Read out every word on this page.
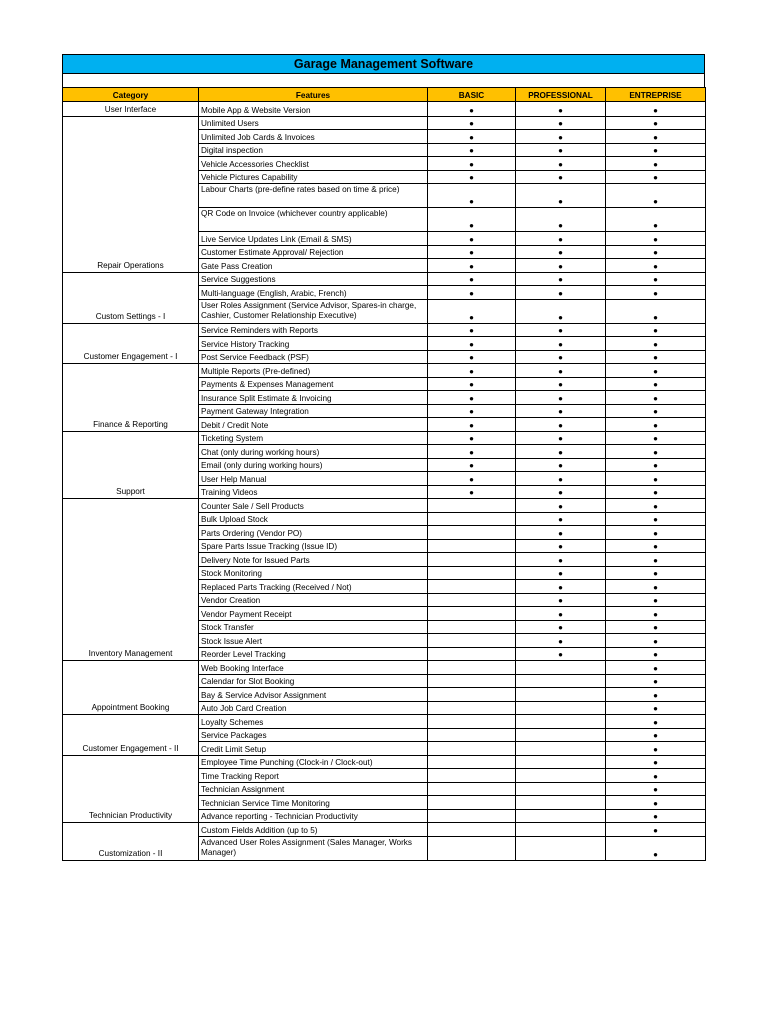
Garage Management Software
Category	Features	BASIC	PROFESSIONAL	ENTREPRISE
User Interface	Mobile App & Website Version	●	●	●
Repair Operations	Unlimited Users	●	●	●
	Unlimited Job Cards & Invoices	●	●	●
	Digital inspection	●	●	●
	Vehicle Accessories Checklist	●	●	●
	Vehicle Pictures Capability	●	●	●
	Labour Charts (pre-define rates based on time & price)	●	●	●
	QR Code on Invoice (whichever country applicable)	●	●	●
	Live Service Updates Link (Email & SMS)	●	●	●
	Customer Estimate Approval/ Rejection	●	●	●
	Gate Pass Creation	●	●	●
Custom Settings - I	Service Suggestions	●	●	●
	Multi-language (English, Arabic, French)	●	●	●
	User Roles Assignment (Service Advisor, Spares-in charge, Cashier, Customer Relationship Executive)	●	●	●
Customer Engagement - I	Service Reminders with Reports	●	●	●
	Service History Tracking	●	●	●
	Post Service Feedback (PSF)	●	●	●
Finance & Reporting	Multiple Reports (Pre-defined)	●	●	●
	Payments & Expenses Management	●	●	●
	Insurance Split Estimate & Invoicing	●	●	●
	Payment Gateway Integration	●	●	●
	Debit / Credit Note	●	●	●
Support	Ticketing System	●	●	●
	Chat (only during working hours)	●	●	●
	Email (only during working hours)	●	●	●
	User Help Manual	●	●	●
	Training Videos	●	●	●
Inventory Management	Counter Sale / Sell Products		●	●
	Bulk Upload Stock		●	●
	Parts Ordering (Vendor PO)		●	●
	Spare Parts Issue Tracking (Issue ID)		●	●
	Delivery Note for Issued Parts		●	●
	Stock Monitoring		●	●
	Replaced Parts Tracking (Received / Not)		●	●
	Vendor Creation		●	●
	Vendor Payment Receipt		●	●
	Stock Transfer		●	●
	Stock Issue Alert		●	●
	Reorder Level Tracking		●	●
Appointment Booking	Web Booking Interface			●
	Calendar for Slot Booking			●
	Bay & Service Advisor Assignment			●
	Auto Job Card Creation			●
Customer Engagement - II	Loyalty Schemes			●
	Service Packages			●
	Credit Limit Setup			●
Technician Productivity	Employee Time Punching (Clock-in / Clock-out)			●
	Time Tracking Report			●
	Technician Assignment			●
	Technician Service Time Monitoring			●
	Advance reporting - Technician Productivity			●
Customization - II	Custom Fields Addition (up to 5)			●
	Advanced User Roles Assignment (Sales Manager, Works Manager)			●
